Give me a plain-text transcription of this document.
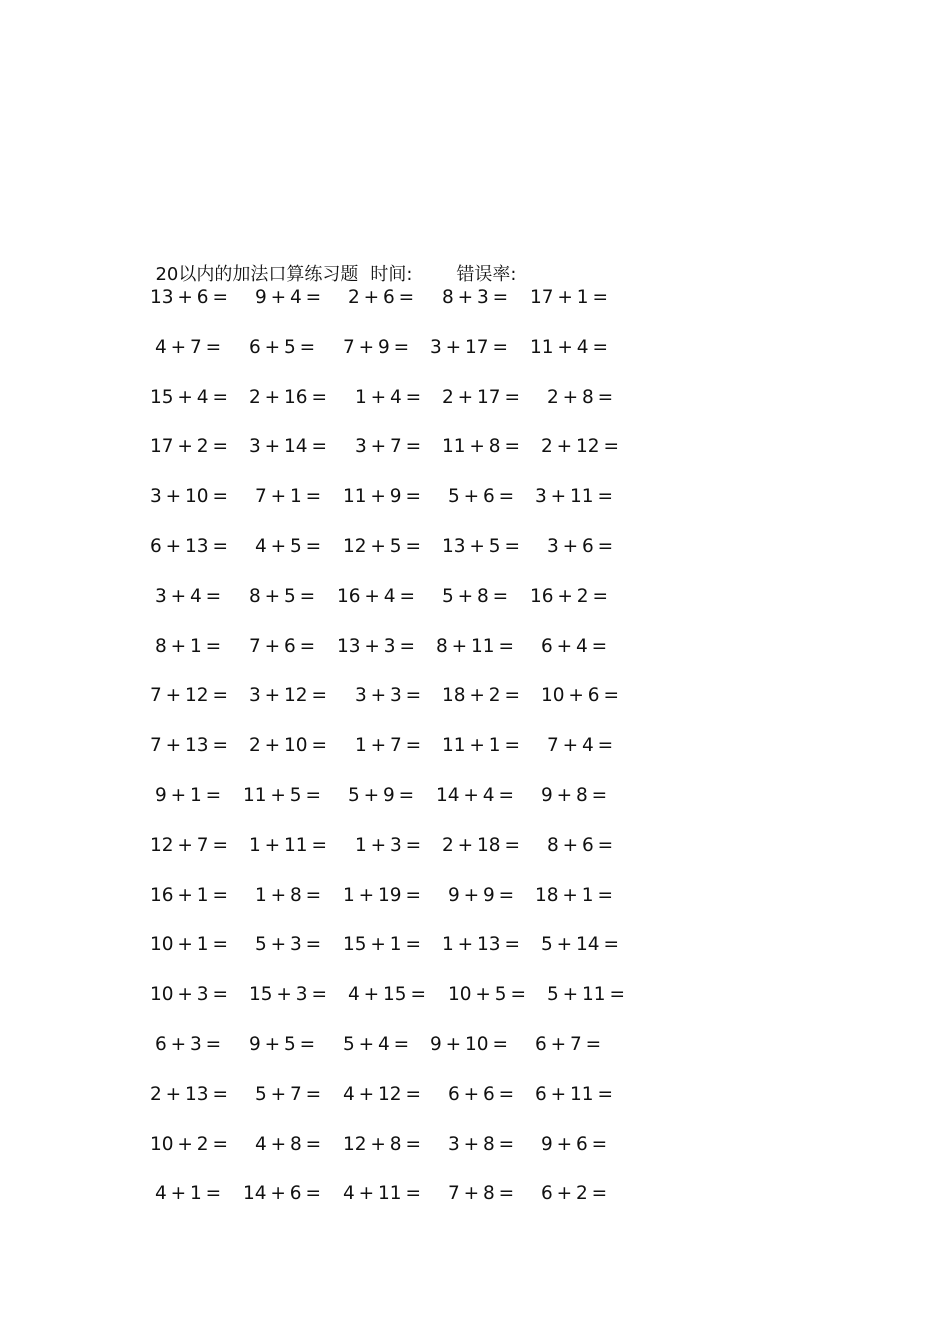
20以内的加法口算练习题 时间: 错误率:

13 + 6 = 9 + 4 = 2 + 6 = 8 + 3 = 17 + 1 =
4 + 7 = 6 + 5 = 7 + 9 = 3 + 17 = 11 + 4 =
15 + 4 = 2 + 16 = 1 + 4 = 2 + 17 = 2 + 8 =
17 + 2 = 3 + 14 = 3 + 7 = 11 + 8 = 2 + 12 =
3 + 10 = 7 + 1 = 11 + 9 = 5 + 6 = 3 + 11 =
6 + 13 = 4 + 5 = 12 + 5 = 13 + 5 = 3 + 6 =
3 + 4 = 8 + 5 = 16 + 4 = 5 + 8 = 16 + 2 =
8 + 1 = 7 + 6 = 13 + 3 = 8 + 11 = 6 + 4 =
7 + 12 = 3 + 12 = 3 + 3 = 18 + 2 = 10 + 6 =
7 + 13 = 2 + 10 = 1 + 7 = 11 + 1 = 7 + 4 =
9 + 1 = 11 + 5 = 5 + 9 = 14 + 4 = 9 + 8 =
12 + 7 = 1 + 11 = 1 + 3 = 2 + 18 = 8 + 6 =
16 + 1 = 1 + 8 = 1 + 19 = 9 + 9 = 18 + 1 =
10 + 1 = 5 + 3 = 15 + 1 = 1 + 13 = 5 + 14 =
10 + 3 = 15 + 3 = 4 + 15 = 10 + 5 = 5 + 11 =
6 + 3 = 9 + 5 = 5 + 4 = 9 + 10 = 6 + 7 =
2 + 13 = 5 + 7 = 4 + 12 = 6 + 6 = 6 + 11 =
10 + 2 = 4 + 8 = 12 + 8 = 3 + 8 = 9 + 6 =
4 + 1 = 14 + 6 = 4 + 11 = 7 + 8 = 6 + 2 =
